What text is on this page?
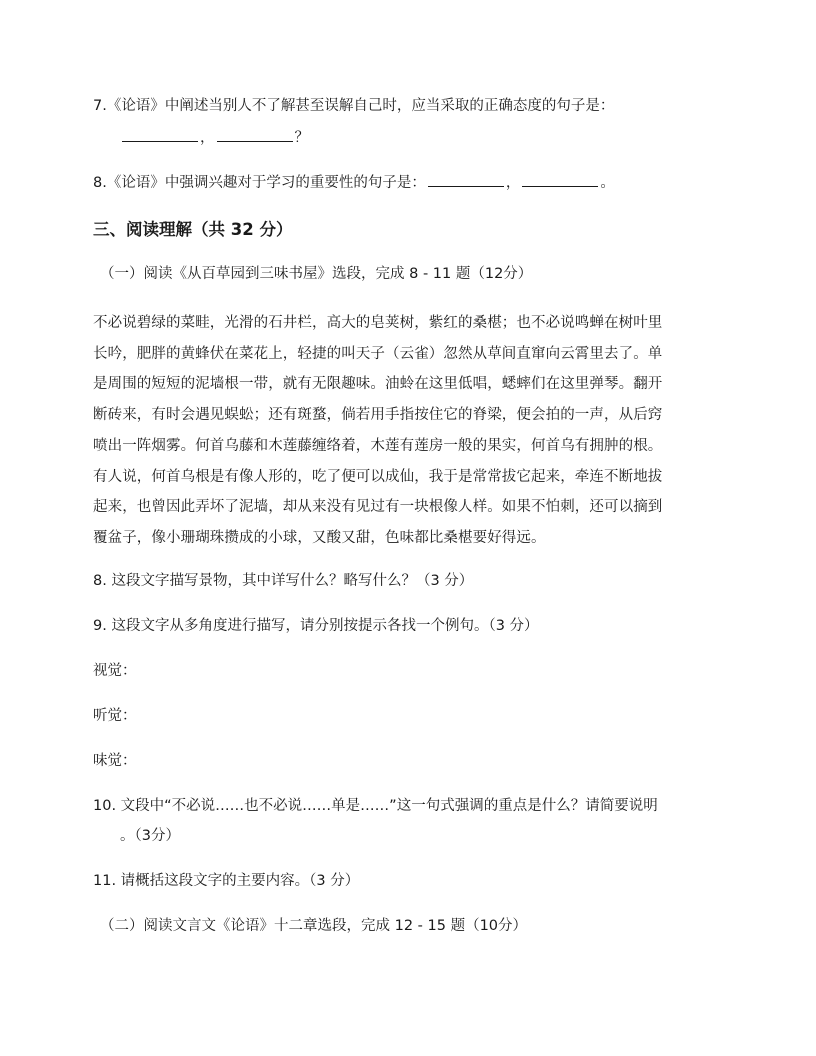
7.《论语》中阐述当别人不了解甚至误解自己时，应当采取的正确态度的句子是：
，	？
8.《论语》中强调兴趣对于学习的重要性的句子是：	，	。
三、阅读理解（共 32 分）
（一）阅读《从百草园到三味书屋》选段，完成 8 - 11 题（12分）
不必说碧绿的菜畦，光滑的石井栏，高大的皂荚树，紫红的桑椹；也不必说鸣蝉在树叶里
长吟，肥胖的黄蜂伏在菜花上，轻捷的叫天子（云雀）忽然从草间直窜向云霄里去了。单
是周围的短短的泥墙根一带，就有无限趣味。油蛉在这里低唱，蟋蟀们在这里弹琴。翻开
断砖来，有时会遇见蜈蚣；还有斑蝥，倘若用手指按住它的脊梁，便会拍的一声，从后窍
喷出一阵烟雾。何首乌藤和木莲藤缠络着，木莲有莲房一般的果实，何首乌有拥肿的根。
有人说，何首乌根是有像人形的，吃了便可以成仙，我于是常常拔它起来，牵连不断地拔
起来，也曾因此弄坏了泥墙，却从来没有见过有一块根像人样。如果不怕刺，还可以摘到
覆盆子，像小珊瑚珠攒成的小球，又酸又甜，色味都比桑椹要好得远。
8. 这段文字描写景物，其中详写什么？略写什么？（3 分）
9. 这段文字从多角度进行描写，请分别按提示各找一个例句。（3 分）
视觉：
听觉：
味觉：
10. 文段中“不必说……也不必说……单是……”这一句式强调的重点是什么？请简要说明
。（3分）
11. 请概括这段文字的主要内容。（3 分）
（二）阅读文言文《论语》十二章选段，完成 12 - 15 题（10分）
